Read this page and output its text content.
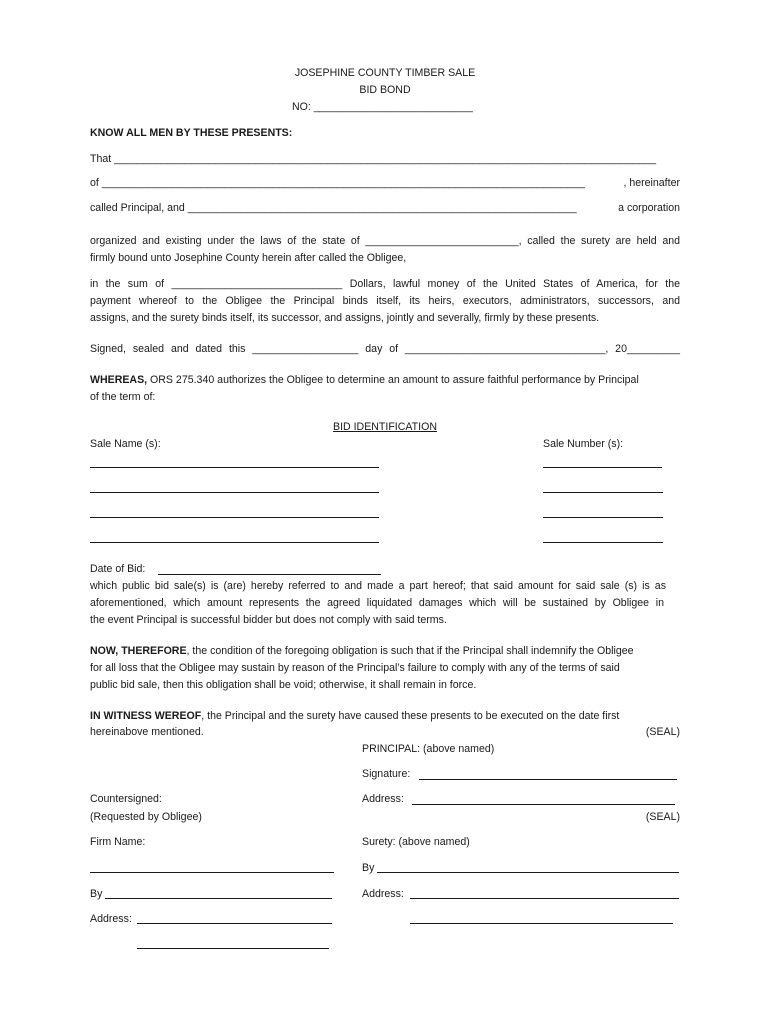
JOSEPHINE COUNTY TIMBER SALE
BID BOND
NO: ___________________________
KNOW ALL MEN BY THESE PRESENTS:
That ____________________________________________________________________________________________
of __________________________________________________________________________________	, hereinafter
called Principal, and __________________________________________________________________	a corporation
organized and existing under the laws of the state of __________________________, called the surety are held and
firmly bound unto Josephine County herein after called the Obligee,
in the sum of _____________________________ Dollars, lawful money of the United States of America, for the
payment whereof to the Obligee the Principal binds itself, its heirs, executors, administrators, successors, and
assigns, and the surety binds itself, its successor, and assigns, jointly and severally, firmly by these presents.
Signed, sealed and dated this __________________ day of __________________________________, 20_________
WHEREAS, ORS 275.340 authorizes the Obligee to determine an amount to assure faithful performance by Principal
of the term of:
BID IDENTIFICATION
Sale Name (s):	Sale Number (s):
Date of Bid:
which public bid sale(s) is (are) hereby referred to and made a part hereof; that said amount for said sale (s) is as
aforementioned, which amount represents the agreed liquidated damages which will be sustained by Obligee in
the event Principal is successful bidder but does not comply with said terms.
NOW, THEREFORE, the condition of the foregoing obligation is such that if the Principal shall indemnify the Obligee
for all loss that the Obligee may sustain by reason of the Principal’s failure to comply with any of the terms of said
public bid sale, then this obligation shall be void; otherwise, it shall remain in force.
IN WITNESS WEREOF, the Principal and the surety have caused these presents to be executed on the date first
hereinabove mentioned.	(SEAL)
PRINCIPAL: (above named)
Signature:
Countersigned:	Address:
(Requested by Obligee)	(SEAL)
Firm Name:	Surety: (above named)
By
By	Address:
Address:
